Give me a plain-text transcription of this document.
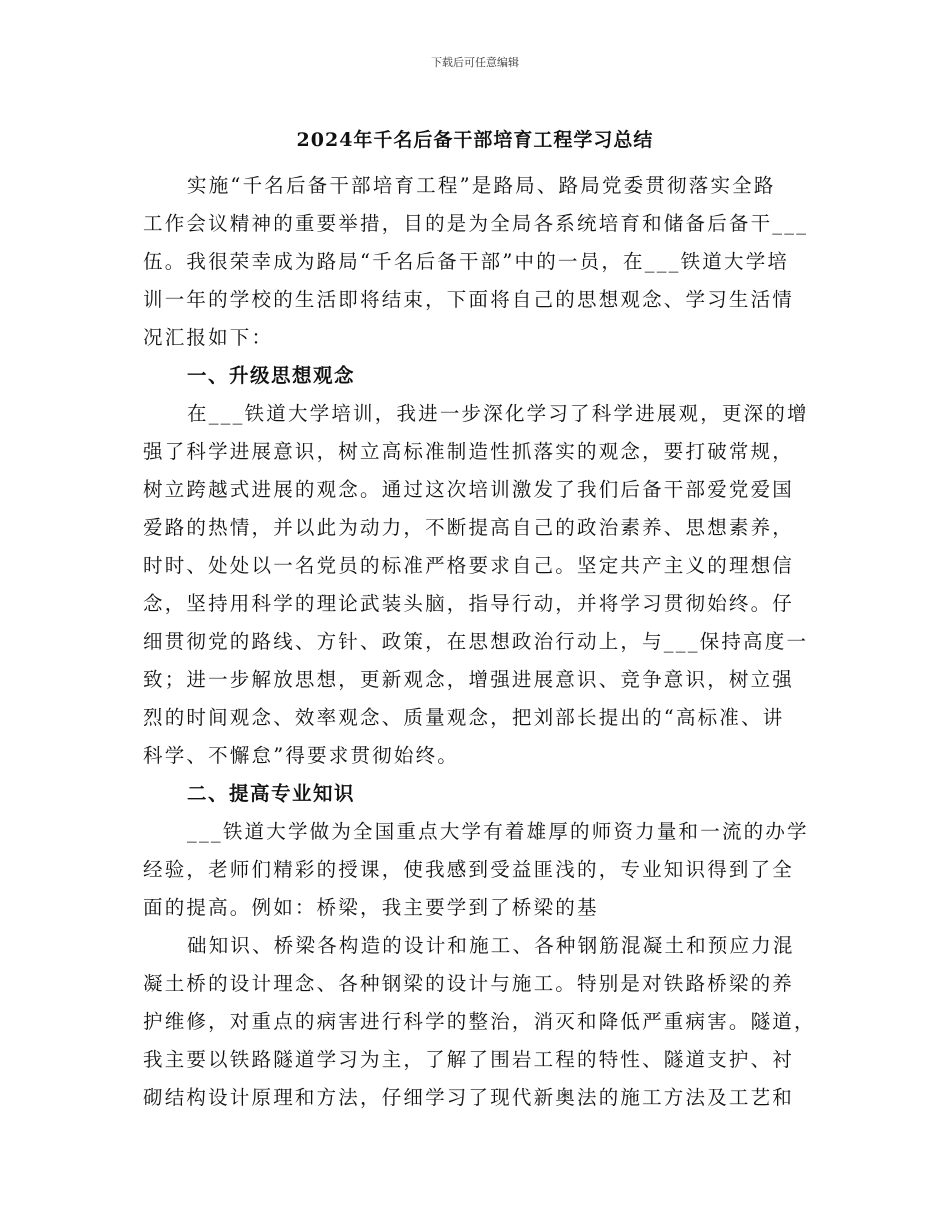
下载后可任意编辑
2024年千名后备干部培育工程学习总结
实施“千名后备干部培育工程”是路局、路局党委贯彻落实全路
工作会议精神的重要举措，目的是为全局各系统培育和储备后备干___
伍。我很荣幸成为路局“千名后备干部”中的一员，在___铁道大学培
训一年的学校的生活即将结束，下面将自己的思想观念、学习生活情
况汇报如下：
一、升级思想观念
在___铁道大学培训，我进一步深化学习了科学进展观，更深的增
强了科学进展意识，树立高标准制造性抓落实的观念，要打破常规，
树立跨越式进展的观念。通过这次培训激发了我们后备干部爱党爱国
爱路的热情，并以此为动力，不断提高自己的政治素养、思想素养，
时时、处处以一名党员的标准严格要求自己。坚定共产主义的理想信
念，坚持用科学的理论武装头脑，指导行动，并将学习贯彻始终。仔
细贯彻党的路线、方针、政策，在思想政治行动上，与___保持高度一
致；进一步解放思想，更新观念，增强进展意识、竞争意识，树立强
烈的时间观念、效率观念、质量观念，把刘部长提出的“高标准、讲
科学、不懈怠”得要求贯彻始终。
二、提高专业知识
___铁道大学做为全国重点大学有着雄厚的师资力量和一流的办学
经验，老师们精彩的授课，使我感到受益匪浅的，专业知识得到了全
面的提高。例如：桥梁，我主要学到了桥梁的基
础知识、桥梁各构造的设计和施工、各种钢筋混凝土和预应力混
凝土桥的设计理念、各种钢梁的设计与施工。特别是对铁路桥梁的养
护维修，对重点的病害进行科学的整治，消灭和降低严重病害。隧道，
我主要以铁路隧道学习为主，了解了围岩工程的特性、隧道支护、衬
砌结构设计原理和方法，仔细学习了现代新奥法的施工方法及工艺和
